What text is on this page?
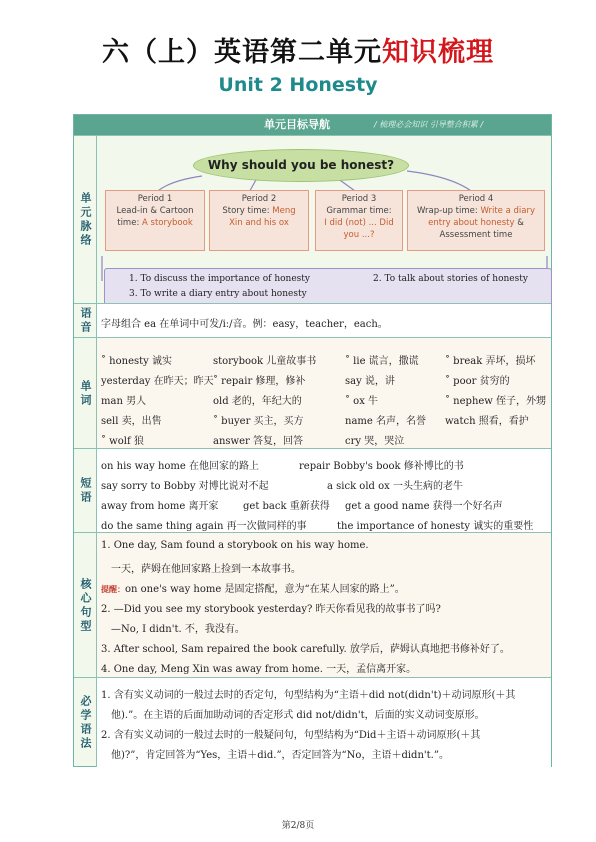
六（上）英语第二单元知识梳理
Unit 2 Honesty
单元目标导航	/ 梳理必会知识 引导整合积累 /
单元脉络
Why should you be honest?
Period 1
Lead-in & Cartoon
time: A storybook
Period 2
Story time: Meng
Xin and his ox
Period 3
Grammar time:
I did (not) ... Did
you ...?
Period 4
Wrap-up time: Write a diary
entry about honesty &
Assessment time
1. To discuss the importance of honesty	2. To talk about stories of honesty
3. To write a diary entry about honesty
语音 字母组合 ea 在单词中可发/iː/音。例：easy，teacher，each。
单词
˚ honesty 诚实	storybook 儿童故事书	˚ lie 谎言，撒谎	˚ break 弄坏，损坏
yesterday 在昨天；昨天 ˚ repair 修理，修补	say 说，讲	˚ poor 贫穷的
man 男人	old 老的，年纪大的	˚ ox 牛	˚ nephew 侄子，外甥
sell 卖，出售	˚ buyer 买主，买方	name 名声，名誉 watch 照看，看护
˚ wolf 狼	answer 答复，回答	cry 哭，哭泣
短语
on his way home 在他回家的路上	repair Bobby's book 修补博比的书
say sorry to Bobby 对博比说对不起	a sick old ox 一头生病的老牛
away from home 离开家 get back 重新获得 get a good name 获得一个好名声
do the same thing again 再一次做同样的事	the importance of honesty 诚实的重要性
核心句型
1. One day, Sam found a storybook on his way home.
一天，萨姆在他回家路上捡到一本故事书。
提醒：on one's way home 是固定搭配，意为“在某人回家的路上”。
2. —Did you see my storybook yesterday? 昨天你看见我的故事书了吗?
—No, I didn't. 不，我没有。
3. After school, Sam repaired the book carefully. 放学后，萨姆认真地把书修补好了。
4. One day, Meng Xin was away from home. 一天，孟信离开家。
必学语法 1. 含有实义动词的一般过去时的否定句，句型结构为“主语＋did not(didn't)＋动词原形(＋其
他).”。在主语的后面加助动词的否定形式 did not/didn't，后面的实义动词变原形。
2. 含有实义动词的一般过去时的一般疑问句，句型结构为“Did＋主语＋动词原形(＋其
他)?”，肯定回答为“Yes，主语＋did.”，否定回答为“No，主语＋didn't.”。
第2/8页
